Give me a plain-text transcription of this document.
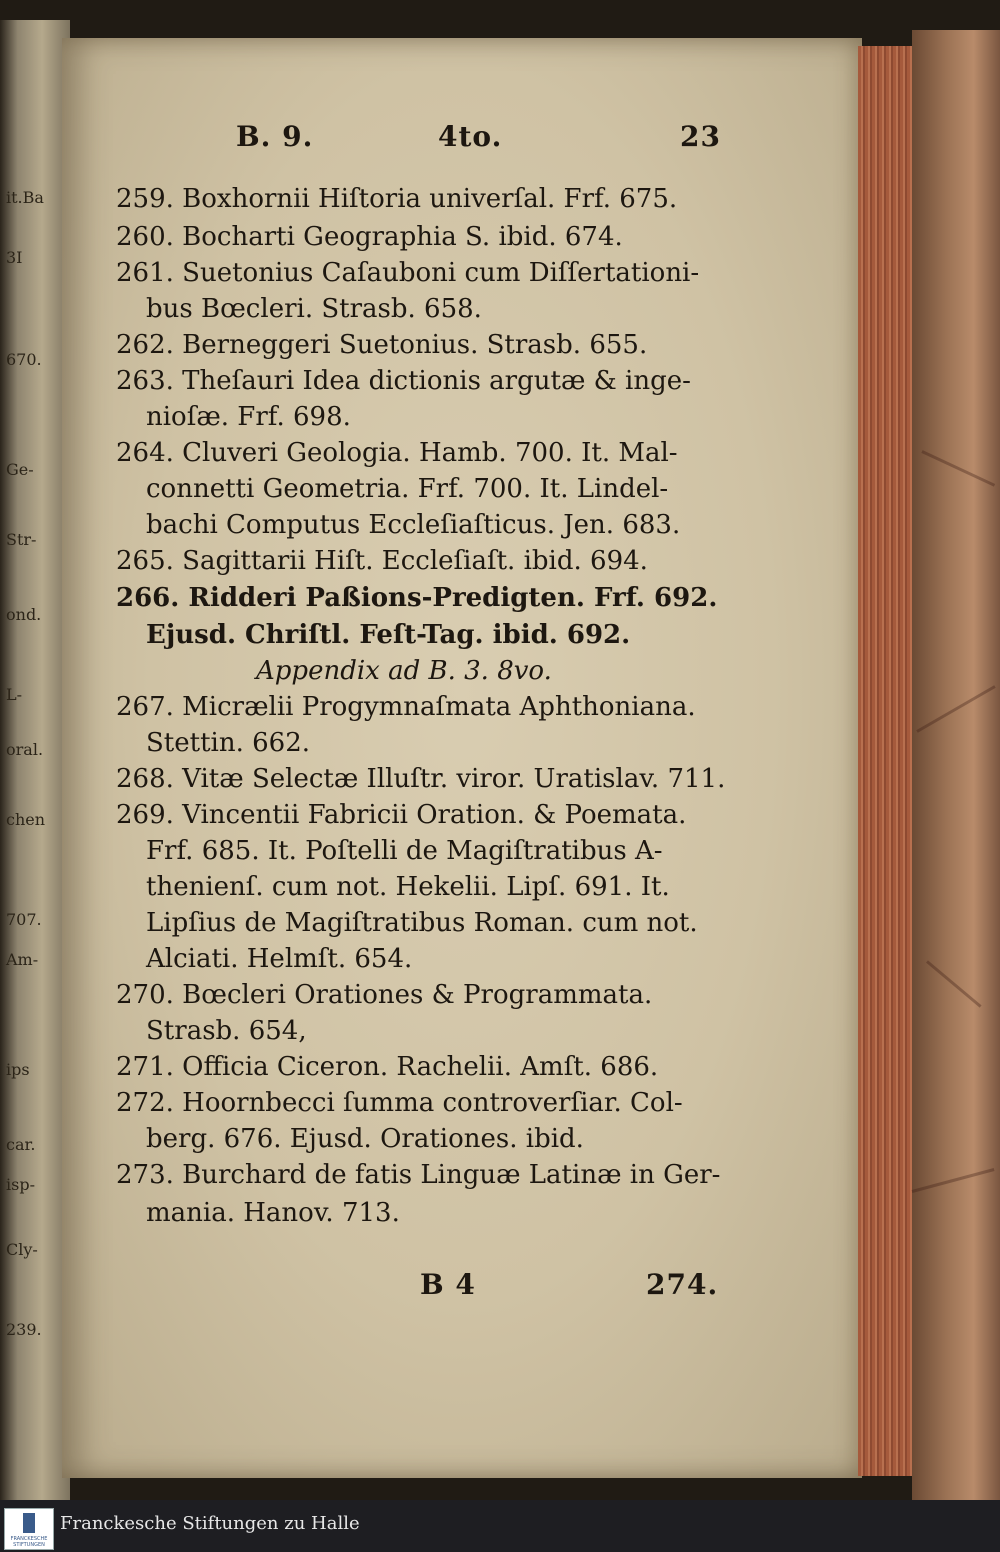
it.Ba
3I
670.
Ge-
Str-
ond.
L-
oral.
chen
707.
Am-
ips
car.
isp-
Cly-
239.
B. 9.	4to.	23
259. Boxhornii Hiſtoria univerſal. Frf. 675.
260. Bocharti Geographia S. ibid. 674.
261. Suetonius Caſauboni cum Diſſertationi-
bus Bœcleri. Strasb. 658.
262. Berneggeri Suetonius. Strasb. 655.
263. Theſauri Idea dictionis argutæ & inge-
nioſæ. Frf. 698.
264. Cluveri Geologia. Hamb. 700. It. Mal-
connetti Geometria. Frf. 700. It. Lindel-
bachi Computus Eccleſiaſticus. Jen. 683.
265. Sagittarii Hiſt. Eccleſiaſt. ibid. 694.
266. Ridderi Paßions-Predigten. Frf. 692.
Ejusd. Chriſtl. Feſt-Tag. ibid. 692.
Appendix ad B. 3. 8vo.
267. Micrælii Progymnaſmata Aphthoniana.
Stettin. 662.
268. Vitæ Selectæ Illuſtr. viror. Uratislav. 711.
269. Vincentii Fabricii Oration. & Poemata.
Frf. 685. It. Poſtelli de Magiſtratibus A-
thenienſ. cum not. Hekelii. Lipſ. 691. It.
Lipſius de Magiſtratibus Roman. cum not.
Alciati. Helmſt. 654.
270. Bœcleri Orationes & Programmata.
Strasb. 654,
271. Officia Ciceron. Rachelii. Amſt. 686.
272. Hoornbecci ſumma controverſiar. Col-
berg. 676. Ejusd. Orationes. ibid.
273. Burchard de fatis Linguæ Latinæ in Ger-
mania. Hanov. 713.
B 4	274.
FRANCKESCHE STIFTUNGEN
Franckesche Stiftungen zu Halle
